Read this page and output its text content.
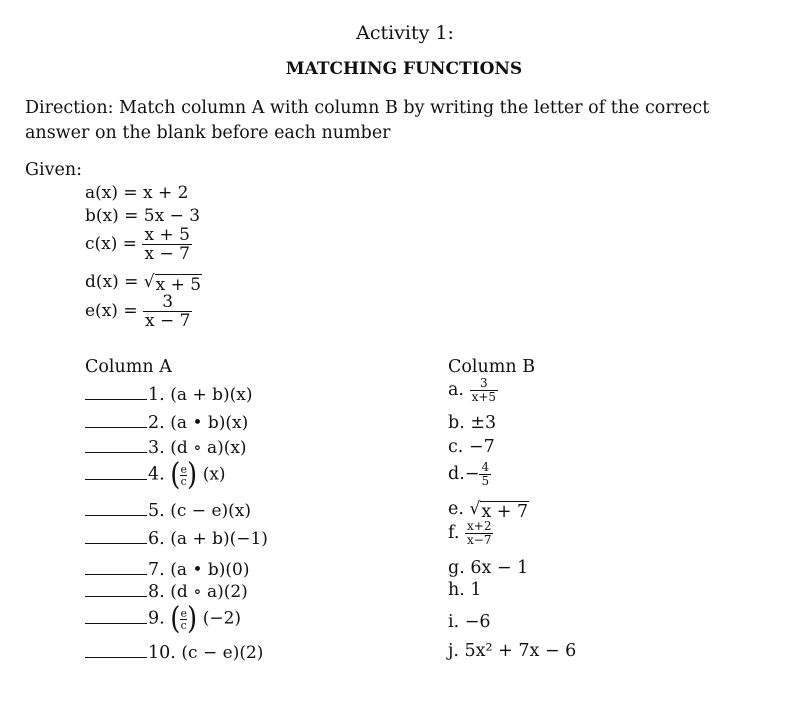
Activity 1:
MATCHING FUNCTIONS
Direction: Match column A with column B by writing the letter of the correct answer on the blank before each number
Given:
a(x) = x + 2
b(x) = 5x − 3
$c(x) = \frac{x + 5}{x - 7}$
d(x) = √ x + 5
$e(x) = \frac{3}{x - 7}$
Column A	Column B
1. (a + b)(x)
2. (a • b)(x)
3. (d ∘ a)(x)
4. ( $\frac{e}{c}$ ) (x)
5. (c − e)(x)
6. (a + b)(−1)
7. (a • b)(0)
8. (d ∘ a)(2)
9. ( $\frac{e}{c}$ ) (−2)
10. (c − e)(2)
a. $\frac{3}{x+5}$
b. ±3
c. −7
$d.- \frac{4}{5}$
e. √ x + 7
f. $\frac{x+2}{x-7}$
g. 6x − 1
h. 1
i. −6
j. 5x² + 7x − 6
